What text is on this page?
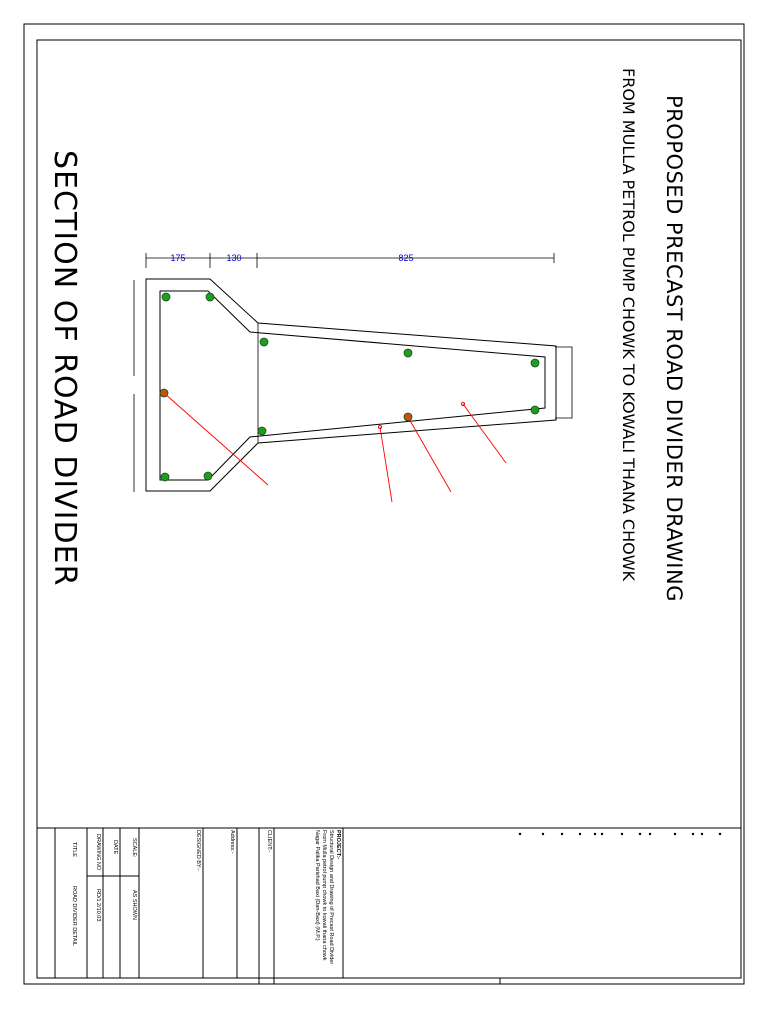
175	130	825
SECTION OF ROAD DIVIDER	PROPOSED PRECAST ROAD DIVIDER DRAWING
FROM MULLA PETROL PUMP CHOWK TO KOWALI THANA CHOWK
PROJECT:-
Structural Design and Drawing of Precast Road Divider From Mulla petrol pump chowk to kowali thana chowk Nagar Palika Parishad Baxi (Dan-Baxi) (M.P.)
CLIENT:-
Address:-
DESIGNED BY:-
SCALE:
AS SHOWN
DATE
DRAWING NO
RD/1.2/10.03
TITLE
ROAD DIVIDER DETAIL
